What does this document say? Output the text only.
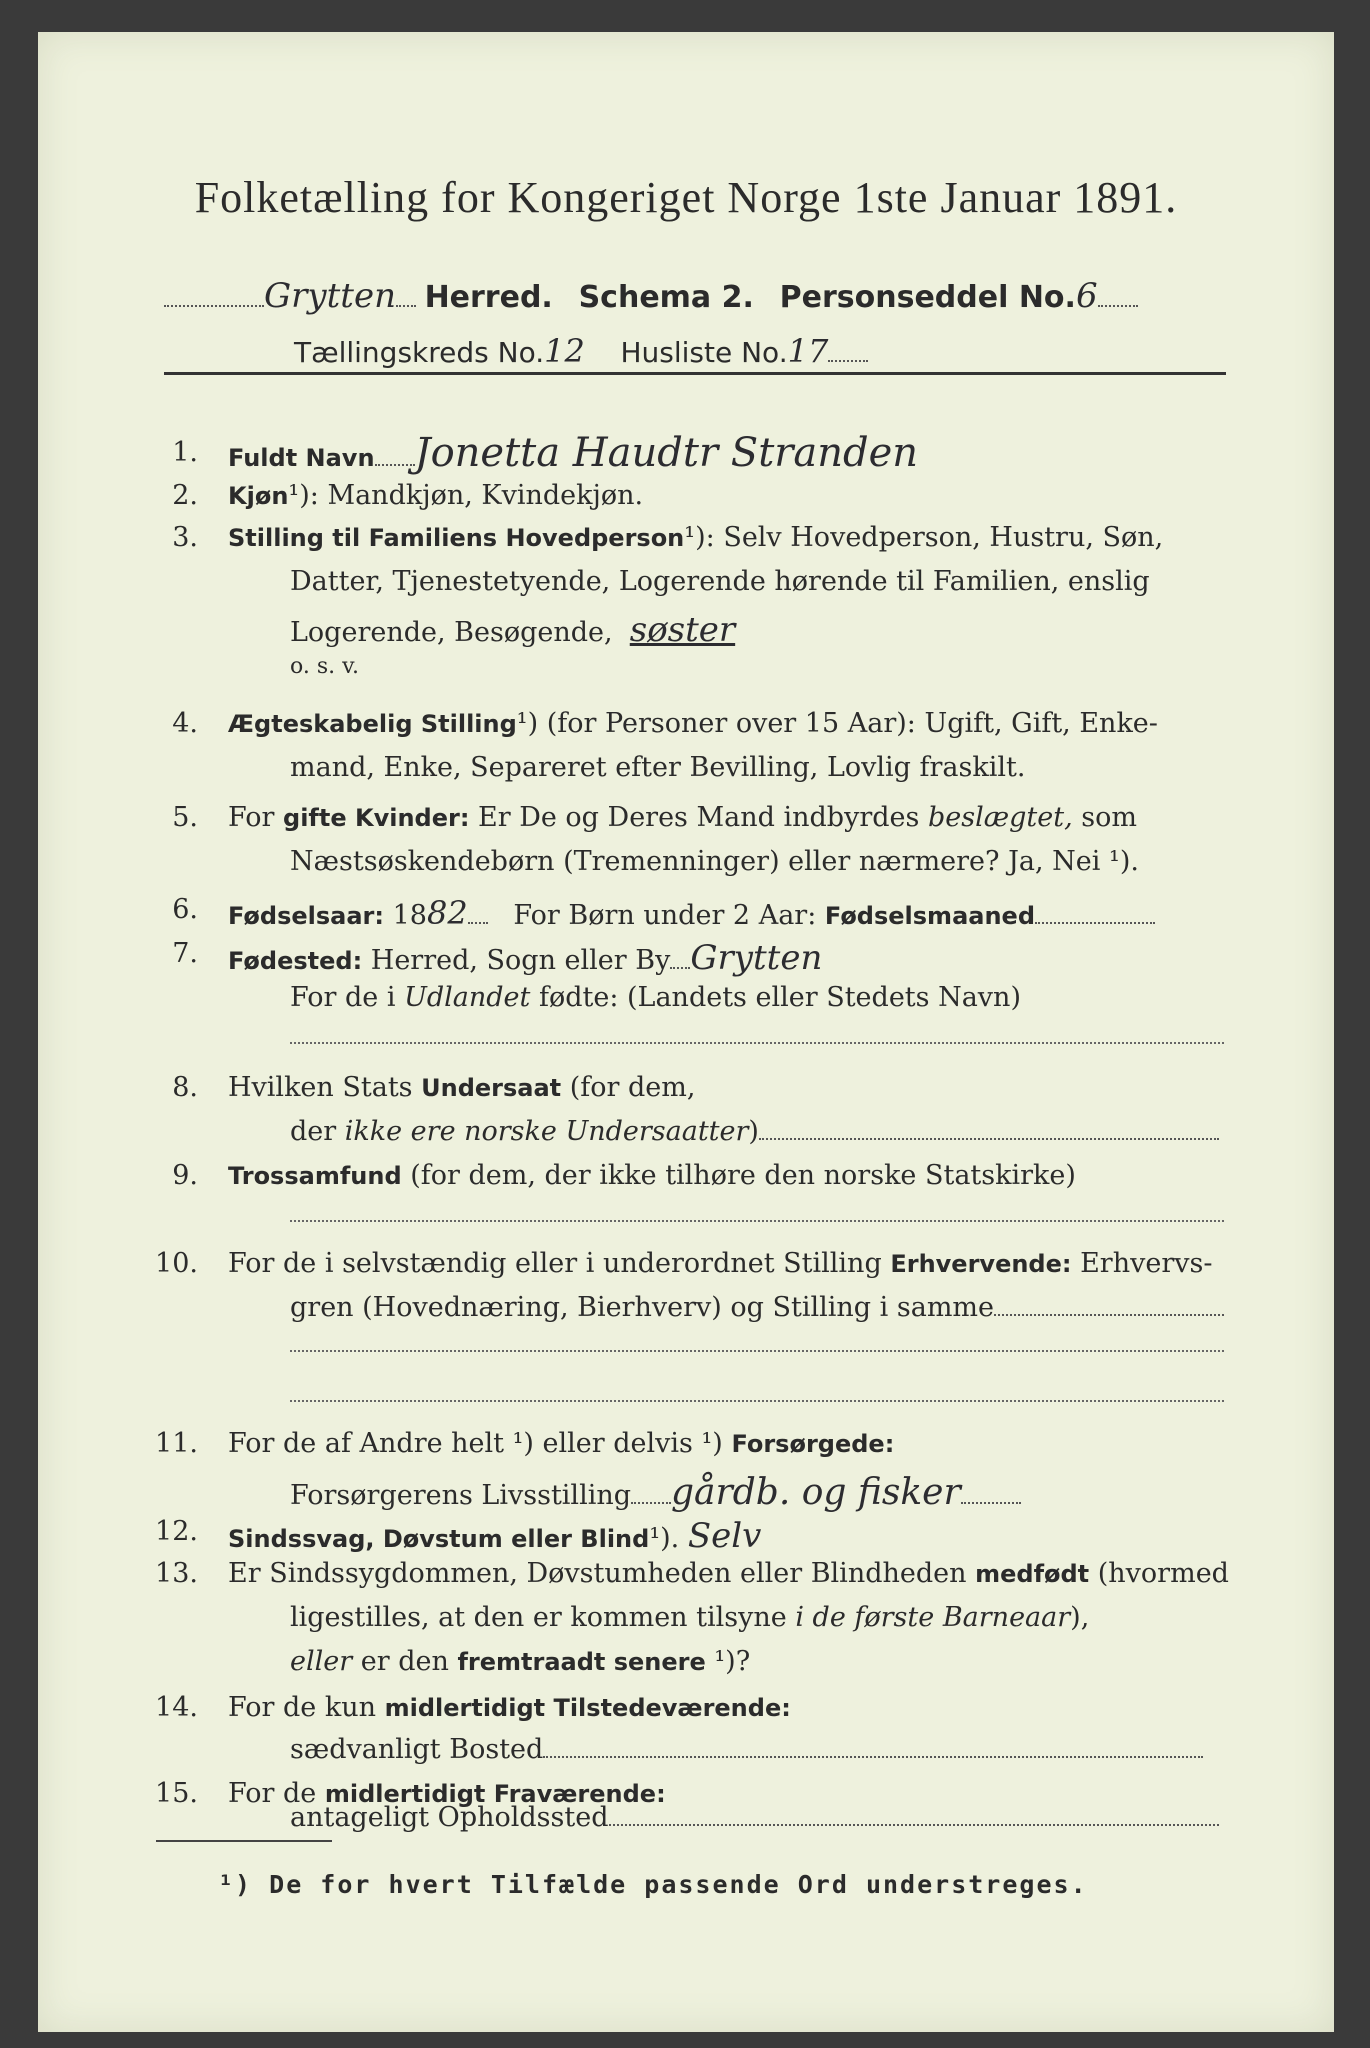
Folketælling for Kongeriget Norge 1ste Januar 1891.
Grytten Herred. Schema 2. Personseddel No.6
Tællingskreds No.12 Husliste No.17
1. Fuldt Navn Jonetta Haudtr Stranden
2. Kjøn¹): Mandkjøn, Kvindekjøn.
3. Stilling til Familiens Hovedperson¹): Selv Hovedperson, Hustru, Søn,
Datter, Tjenestetyende, Logerende hørende til Familien, enslig
Logerende, Besøgende, søster
o. s. v.
4. Ægteskabelig Stilling¹) (for Personer over 15 Aar): Ugift, Gift, Enke-
mand, Enke, Separeret efter Bevilling, Lovlig fraskilt.
5. For gifte Kvinder: Er De og Deres Mand indbyrdes beslægtet, som
Næstsøskendebørn (Tremenninger) eller nærmere? Ja, Nei ¹).
6. Fødselsaar: 1882 For Børn under 2 Aar: Fødselsmaaned
7. Fødested: Herred, Sogn eller By Grytten
For de i Udlandet fødte: (Landets eller Stedets Navn)
8. Hvilken Stats Undersaat (for dem,
der ikke ere norske Undersaatter)
9. Trossamfund (for dem, der ikke tilhøre den norske Statskirke)
10. For de i selvstændig eller i underordnet Stilling Erhvervende: Erhvervs-
gren (Hovednæring, Bierhverv) og Stilling i samme
11. For de af Andre helt ¹) eller delvis ¹) Forsørgede:
Forsørgerens Livsstilling gårdb. og fisker
12. Sindssvag, Døvstum eller Blind¹). Selv
13. Er Sindssygdommen, Døvstumheden eller Blindheden medfødt (hvormed
ligestilles, at den er kommen tilsyne i de første Barneaar),
eller er den fremtraadt senere ¹)?
14. For de kun midlertidigt Tilstedeværende:
sædvanligt Bosted
15. For de midlertidigt Fraværende:
antageligt Opholdssted
¹) De for hvert Tilfælde passende Ord understreges.
